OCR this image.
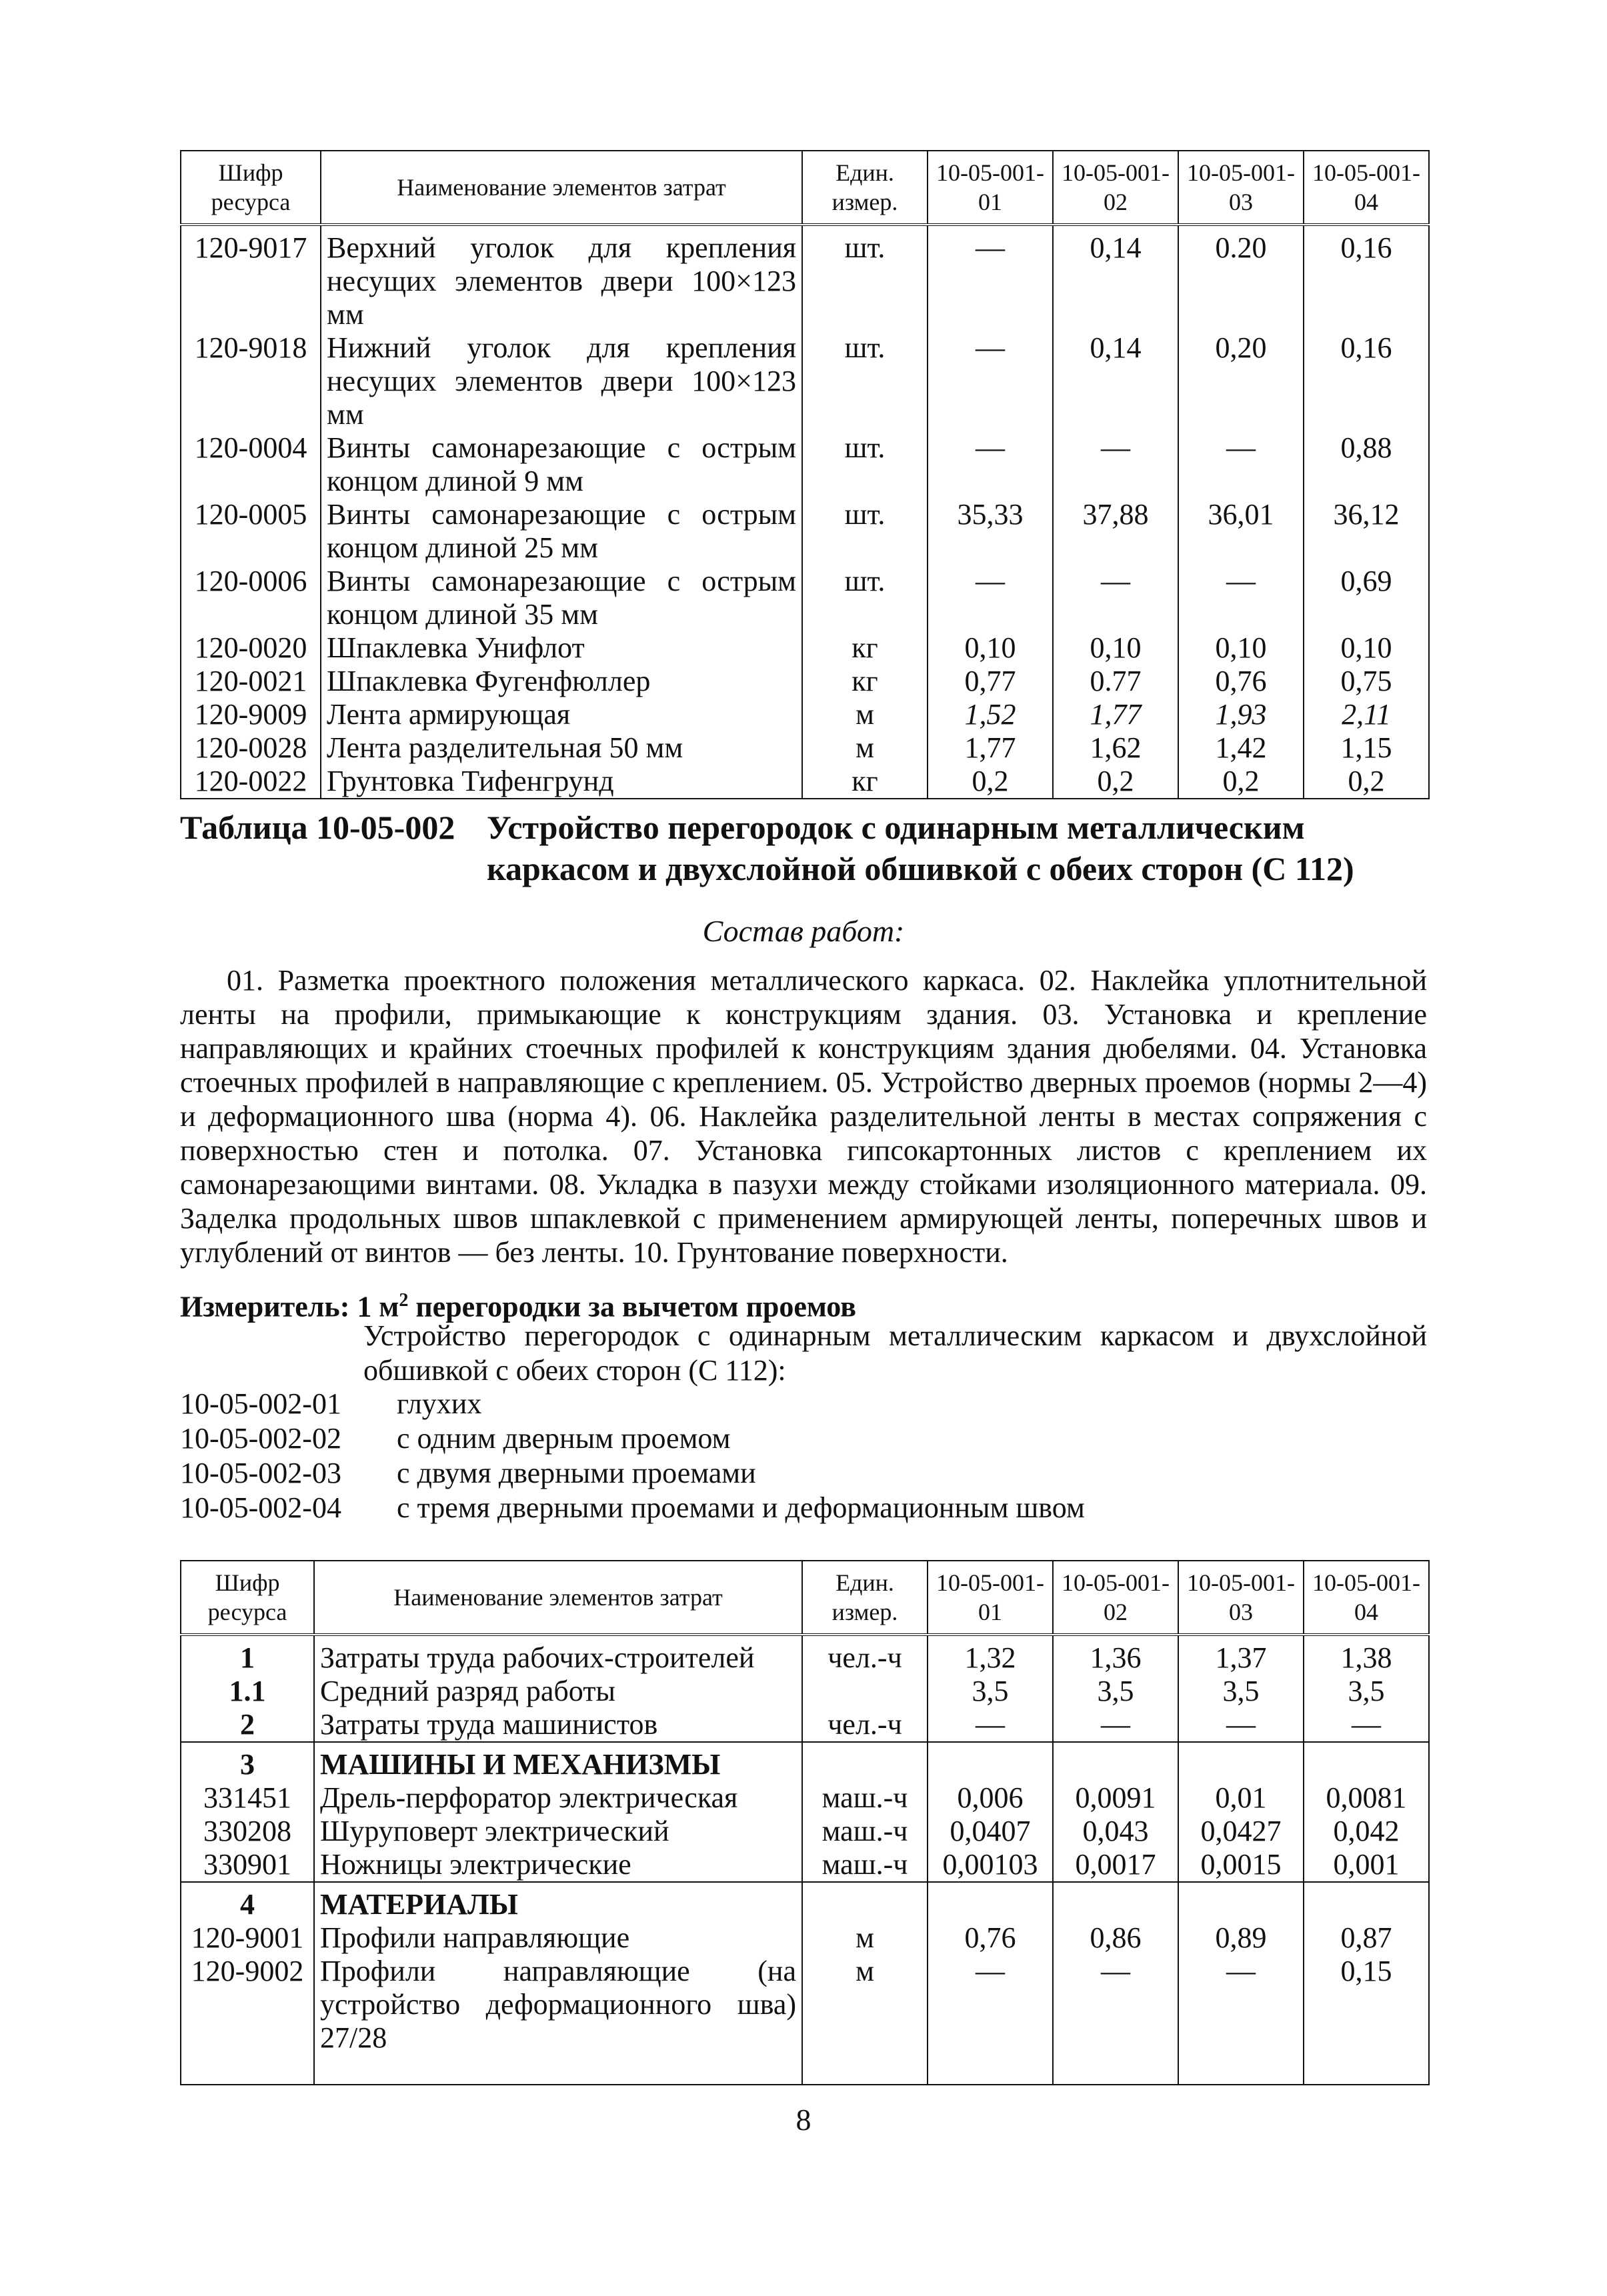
Шифр ресурса	Наименование элементов затрат	Един. измер.	10-05-001-01	10-05-001-02	10-05-001-03	10-05-001-04
120-9017	Верхний уголок для крепления несущих элементов двери 100×123 мм	шт.	—	0,14	0.20	0,16
120-9018	Нижний уголок для крепления несущих элементов двери 100×123 мм	шт.	—	0,14	0,20	0,16
120-0004	Винты самонарезающие с острым концом длиной 9 мм	шт.	—	—	—	0,88
120-0005	Винты самонарезающие с острым концом длиной 25 мм	шт.	35,33	37,88	36,01	36,12
120-0006	Винты самонарезающие с острым концом длиной 35 мм	шт.	—	—	—	0,69
120-0020	Шпаклевка Унифлот	кг	0,10	0,10	0,10	0,10
120-0021	Шпаклевка Фугенфюллер	кг	0,77	0.77	0,76	0,75
120-9009	Лента армирующая	м	1,52	1,77	1,93	2,11
120-0028	Лента разделительная 50 мм	м	1,77	1,62	1,42	1,15
120-0022	Грунтовка Тифенгрунд	кг	0,2	0,2	0,2	0,2
Таблица 10-05-002 Устройство перегородок с одинарным металлическим каркасом и двухслойной обшивкой с обеих сторон (С 112)
Состав работ:
01. Разметка проектного положения металлического каркаса. 02. Наклейка уплотнительной ленты на профили, примыкающие к конструкциям здания. 03. Установка и крепление направляющих и крайних стоечных профилей к конструкциям здания дюбелями. 04. Установка стоечных профилей в направляющие с креплением. 05. Устройство дверных проемов (нормы 2—4) и деформационного шва (норма 4). 06. Наклейка разделительной ленты в местах сопряжения с поверхностью стен и потолка. 07. Установка гипсокартонных листов с креплением их самонарезающими винтами. 08. Укладка в пазухи между стойками изоляционного материала. 09. Заделка продольных швов шпаклевкой с применением армирующей ленты, поперечных швов и углублений от винтов — без ленты. 10. Грунтование поверхности.
Измеритель: 1 $м^2$ перегородки за вычетом проемов
Устройство перегородок с одинарным металлическим каркасом и двухслойной обшивкой с обеих сторон (С 112):
10-05-002-01 глухих
10-05-002-02 с одним дверным проемом
10-05-002-03 с двумя дверными проемами
10-05-002-04 с тремя дверными проемами и деформационным швом
Шифр ресурса	Наименование элементов затрат	Един. измер.	10-05-001-01	10-05-001-02	10-05-001-03	10-05-001-04
1	Затраты труда рабочих-строителей	чел.-ч	1,32	1,36	1,37	1,38
1.1	Средний разряд работы		3,5	3,5	3,5	3,5
2	Затраты труда машинистов	чел.-ч	—	—	—	—
3	МАШИНЫ И МЕХАНИЗМЫ					
331451	Дрель-перфоратор электрическая	маш.-ч	0,006	0,0091	0,01	0,0081
330208	Шуруповерт электрический	маш.-ч	0,0407	0,043	0,0427	0,042
330901	Ножницы электрические	маш.-ч	0,00103	0,0017	0,0015	0,001
4	МАТЕРИАЛЫ					
120-9001	Профили направляющие	м	0,76	0,86	0,89	0,87
120-9002	Профили направляющие (на устройство деформационного шва) 27/28	м	—	—	—	0,15
8
